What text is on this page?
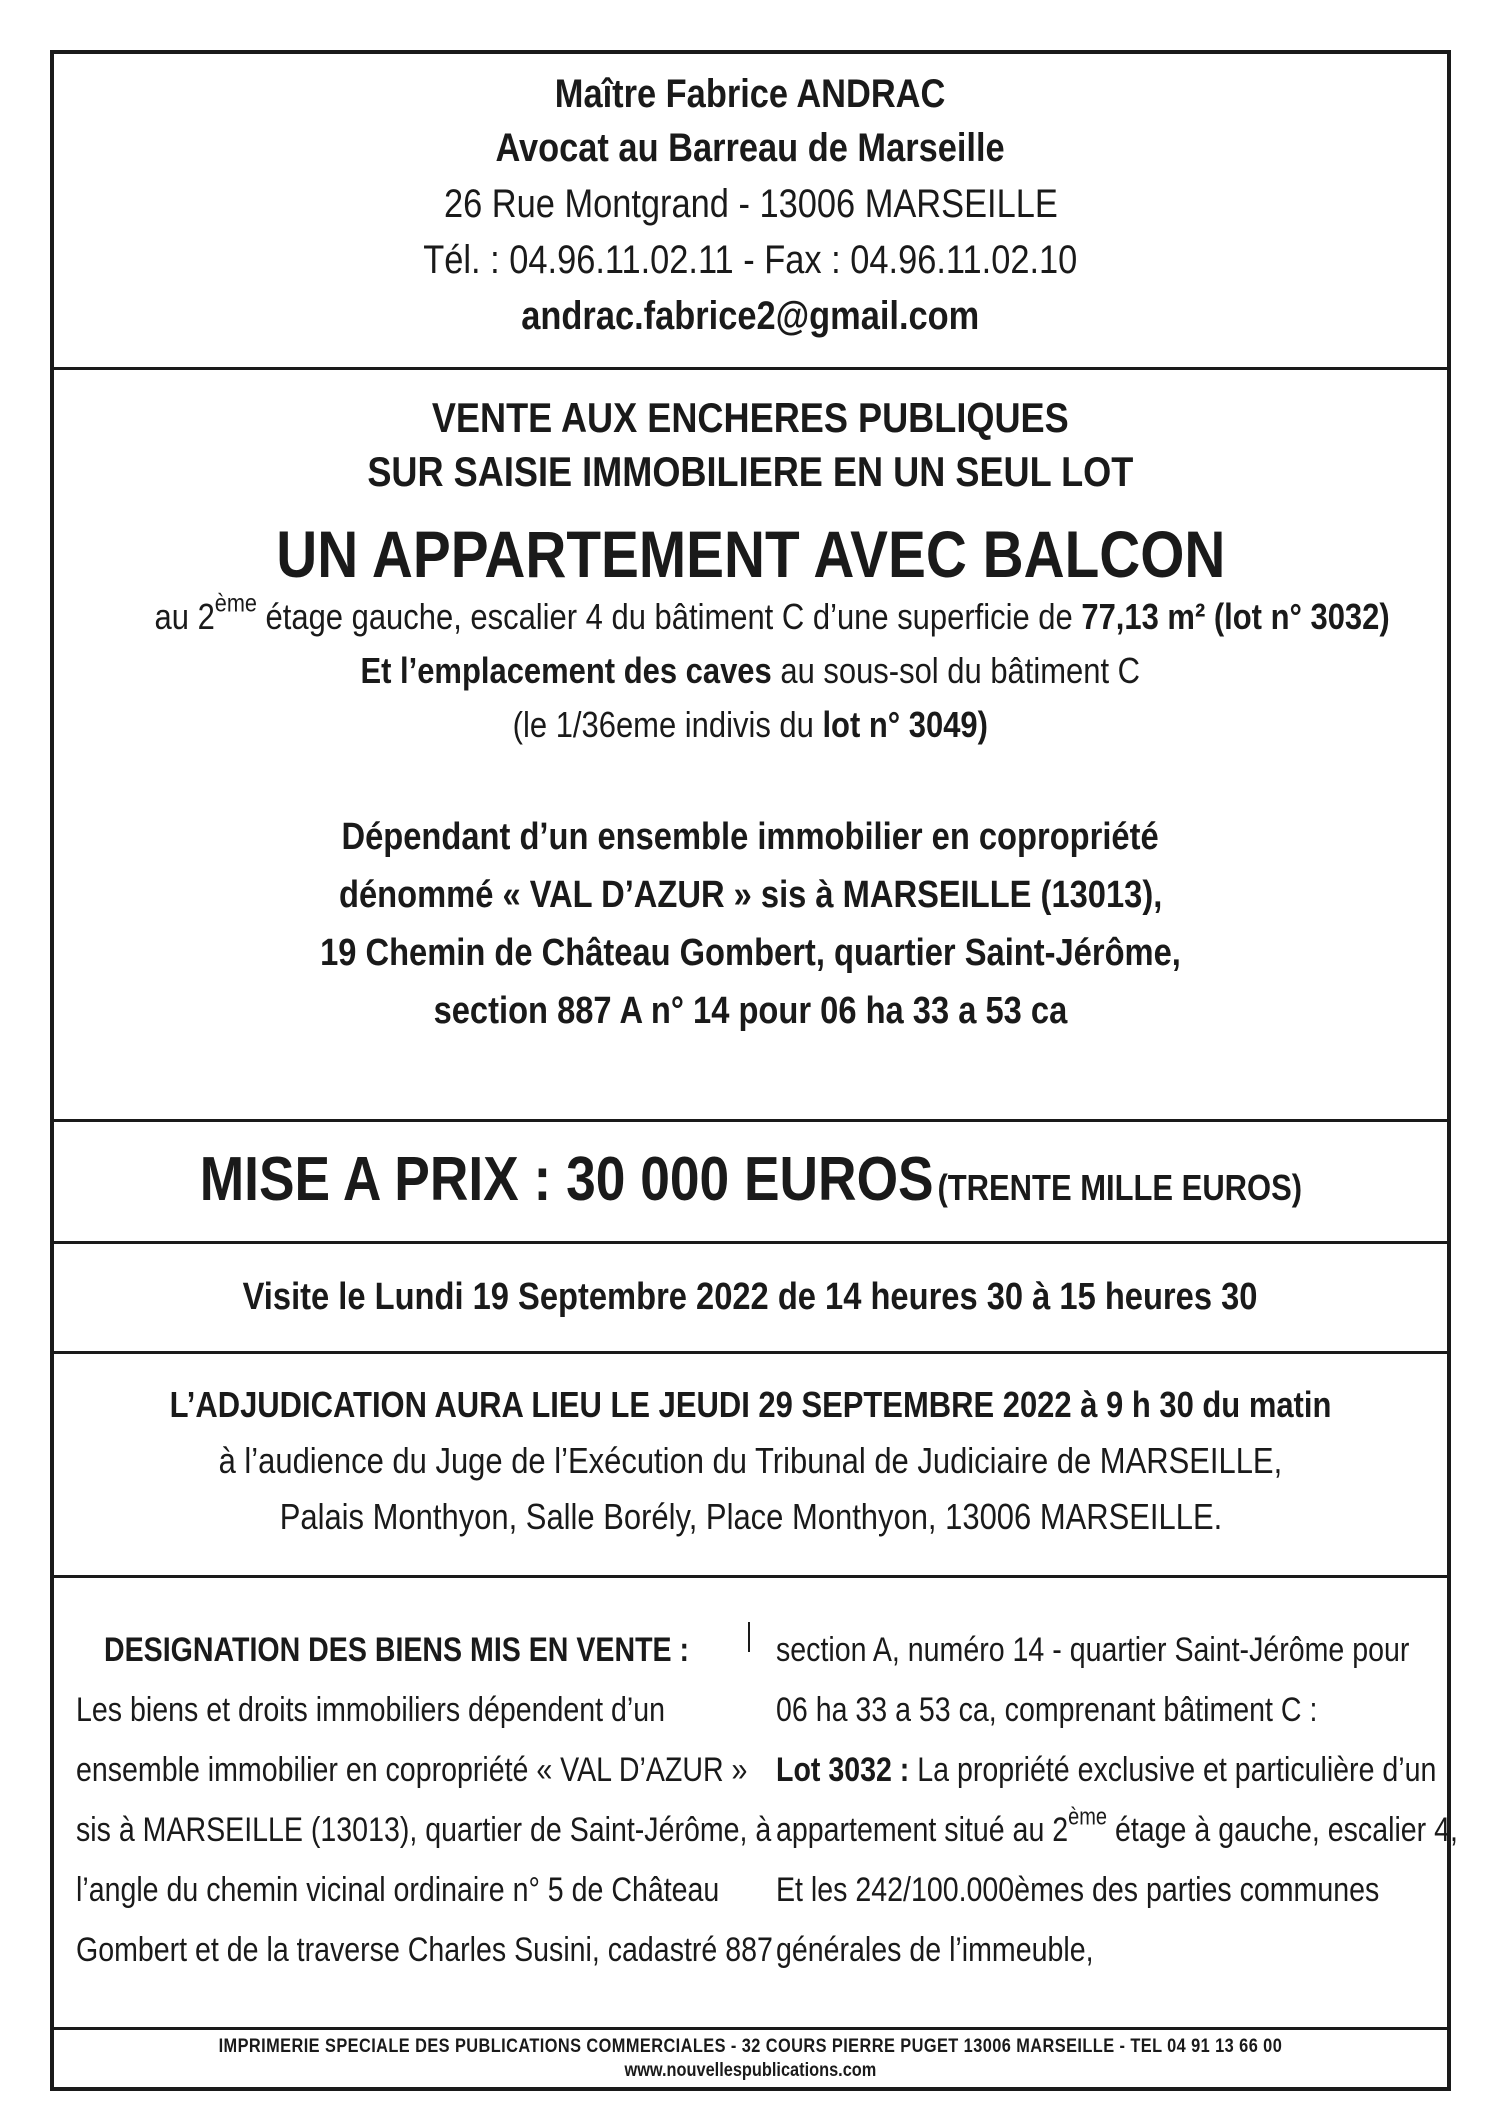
Maître Fabrice ANDRAC
Avocat au Barreau de Marseille
26 Rue Montgrand - 13006 MARSEILLE
Tél. : 04.96.11.02.11 - Fax : 04.96.11.02.10
andrac.fabrice2@gmail.com
VENTE AUX ENCHERES PUBLIQUES
SUR SAISIE IMMOBILIERE EN UN SEUL LOT
UN APPARTEMENT AVEC BALCON
au 2ème étage gauche, escalier 4 du bâtiment C d’une superficie de 77,13 m² (lot n° 3032)
Et l’emplacement des caves au sous-sol du bâtiment C
(le 1/36eme indivis du lot n° 3049)
Dépendant d’un ensemble immobilier en copropriété
dénommé « VAL D’AZUR » sis à MARSEILLE (13013),
19 Chemin de Château Gombert, quartier Saint-Jérôme,
section 887 A n° 14 pour 06 ha 33 a 53 ca
MISE A PRIX : 30 000 EUROS (TRENTE MILLE EUROS)
Visite le Lundi 19 Septembre 2022 de 14 heures 30 à 15 heures 30
L’ADJUDICATION AURA LIEU LE JEUDI 29 SEPTEMBRE 2022 à 9 h 30 du matin
à l’audience du Juge de l’Exécution du Tribunal de Judiciaire de MARSEILLE,
Palais Monthyon, Salle Borély, Place Monthyon, 13006 MARSEILLE.
DESIGNATION DES BIENS MIS EN VENTE :
Les biens et droits immobiliers dépendent d’un
ensemble immobilier en copropriété « VAL D’AZUR »
sis à MARSEILLE (13013), quartier de Saint-Jérôme, à
l’angle du chemin vicinal ordinaire n° 5 de Château
Gombert et de la traverse Charles Susini, cadastré 887
section A, numéro 14 - quartier Saint-Jérôme pour
06 ha 33 a 53 ca, comprenant bâtiment C :
Lot 3032 : La propriété exclusive et particulière d’un
appartement situé au 2ème étage à gauche, escalier 4,
Et les 242/100.000èmes des parties communes
générales de l’immeuble,
IMPRIMERIE SPECIALE DES PUBLICATIONS COMMERCIALES - 32 COURS PIERRE PUGET 13006 MARSEILLE - TEL 04 91 13 66 00
www.nouvellespublications.com
